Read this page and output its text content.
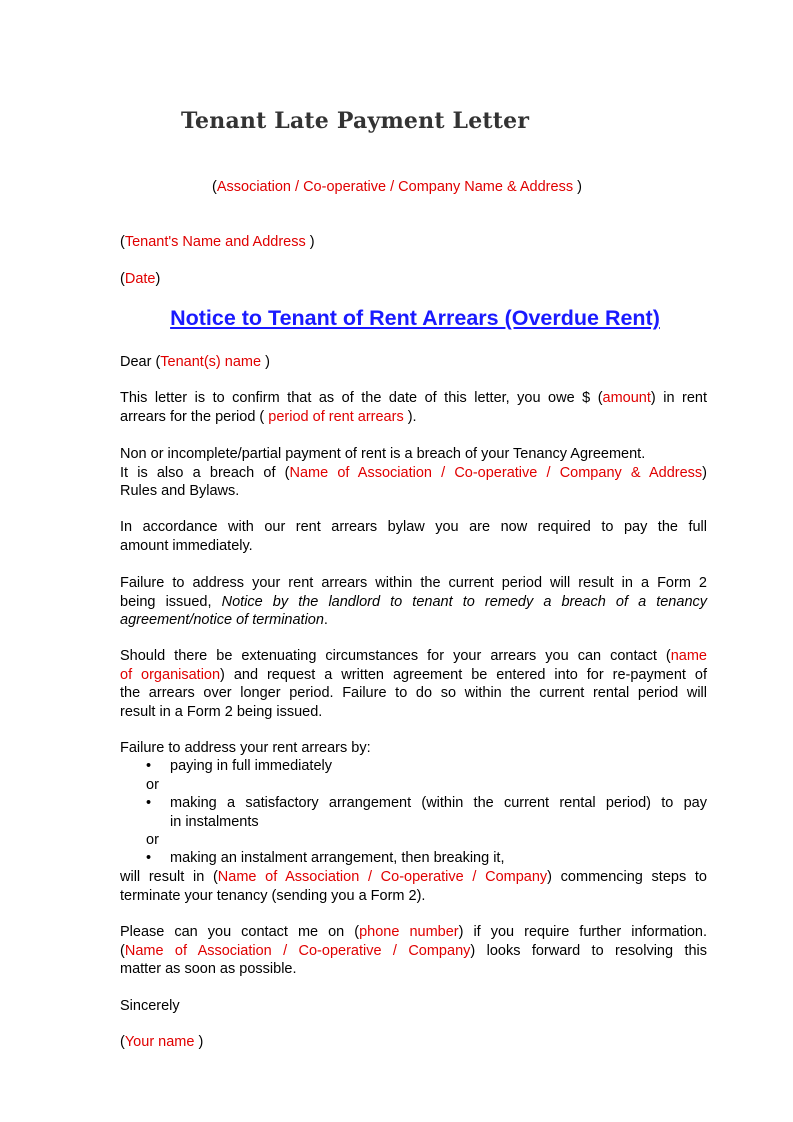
Tenant Late Payment Letter
(Association / Co-operative / Company Name & Address )
(Tenant's Name and Address )
(Date)
Notice to Tenant of Rent Arrears (Overdue Rent)
Dear (Tenant(s) name )
This letter is to confirm that as of the date of this letter, you owe $ (amount) in rent
arrears for the period ( period of rent arrears ).
Non or incomplete/partial payment of rent is a breach of your Tenancy Agreement.
It is also a breach of (Name of Association / Co-operative / Company & Address)
Rules and Bylaws.
In accordance with our rent arrears bylaw you are now required to pay the full
amount immediately.
Failure to address your rent arrears within the current period will result in a Form 2
being issued, Notice by the landlord to tenant to remedy a breach of a tenancy
agreement/notice of termination.
Should there be extenuating circumstances for your arrears you can contact (name
of organisation) and request a written agreement be entered into for re-payment of
the arrears over longer period. Failure to do so within the current rental period will
result in a Form 2 being issued.
Failure to address your rent arrears by:
• paying in full immediately
or
• making a satisfactory arrangement (within the current rental period) to pay
in instalments
or
• making an instalment arrangement, then breaking it,
will result in (Name of Association / Co-operative / Company) commencing steps to
terminate your tenancy (sending you a Form 2).
Please can you contact me on (phone number) if you require further information.
(Name of Association / Co-operative / Company) looks forward to resolving this
matter as soon as possible.
Sincerely
(Your name )
